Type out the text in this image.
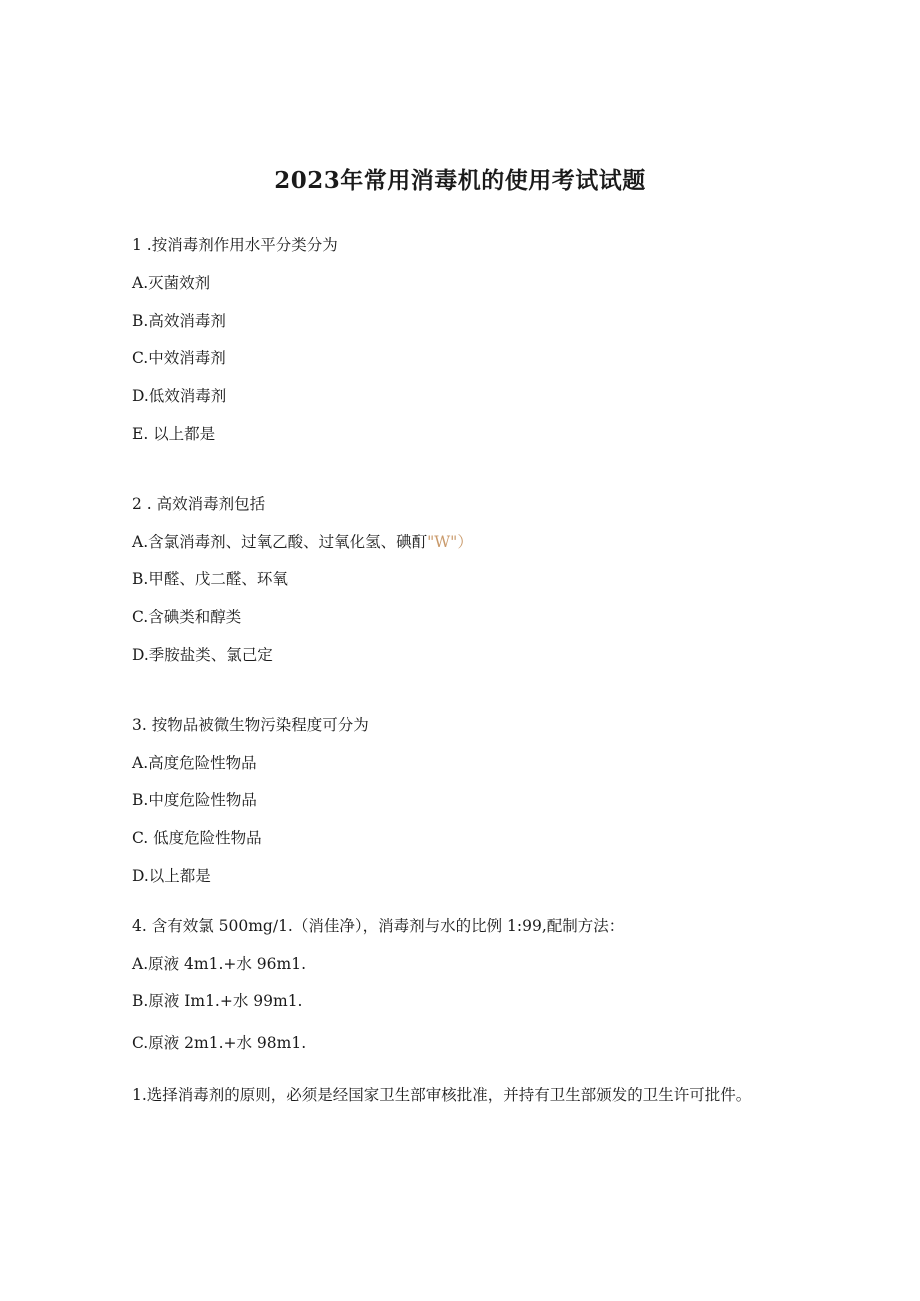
2023年常用消毒机的使用考试试题
1 .按消毒剂作用水平分类分为
A.灭菌效剂
B.高效消毒剂
C.中效消毒剂
D.低效消毒剂
E. 以上都是
2 . 高效消毒剂包括
A.含氯消毒剂、过氧乙酸、过氧化氢、碘酊"W"）
B.甲醛、戊二醛、环氧
C.含碘类和醇类
D.季胺盐类、氯己定
3. 按物品被微生物污染程度可分为
A.高度危险性物品
B.中度危险性物品
C. 低度危险性物品
D.以上都是
4. 含有效氯 500mg∕1.（消佳净），消毒剂与水的比例 1:99,配制方法：
A.原液 4m1.+水 96m1.
B.原液 Im1.+水 99m1.
C.原液 2m1.+水 98m1.
1.选择消毒剂的原则，必须是经国家卫生部审核批准，并持有卫生部颁发的卫生许可批件。
